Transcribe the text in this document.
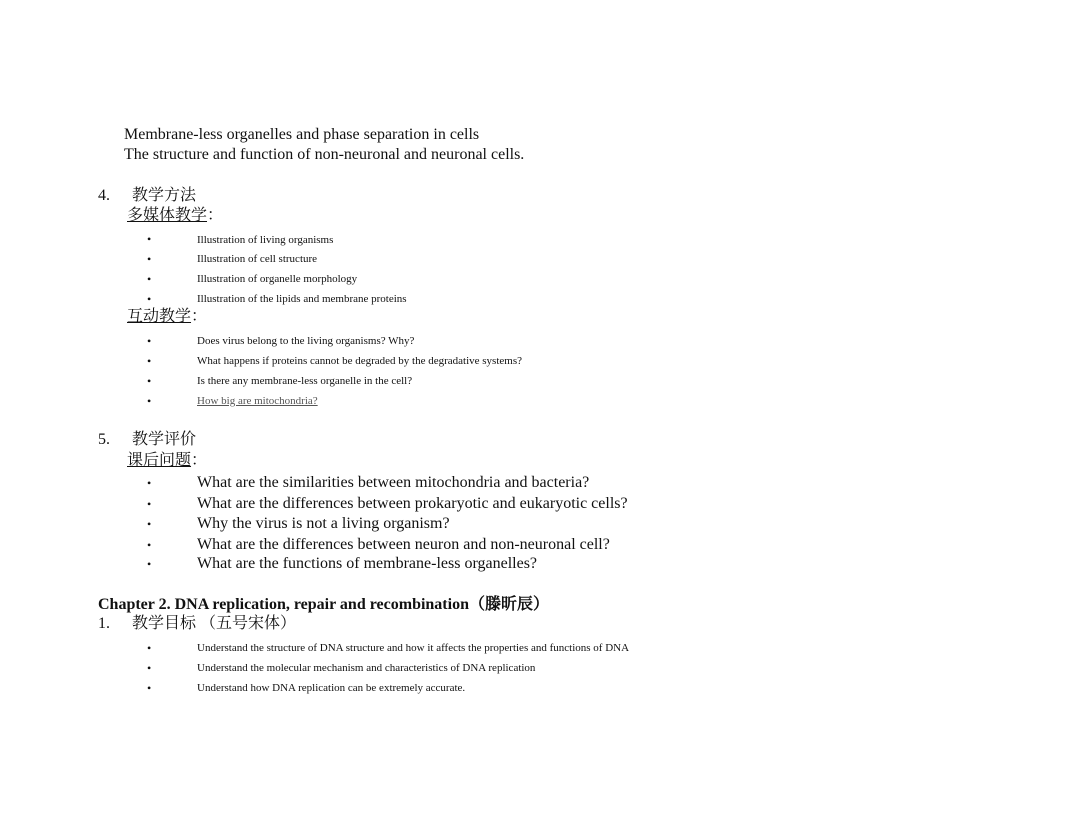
Membrane-less organelles and phase separation in cells
The structure and function of non-neuronal and neuronal cells.
4. 教学方法
多媒体教学：
•	Illustration of living organisms
•	Illustration of cell structure
•	Illustration of organelle morphology
•	Illustration of the lipids and membrane proteins
互动教学：
•	Does virus belong to the living organisms? Why?
•	What happens if proteins cannot be degraded by the degradative systems?
•	Is there any membrane-less organelle in the cell?
•	How big are mitochondria?
5. 教学评价
课后问题：
•	What are the similarities between mitochondria and bacteria?
•	What are the differences between prokaryotic and eukaryotic cells?
•	Why the virus is not a living organism?
•	What are the differences between neuron and non-neuronal cell?
•	What are the functions of membrane-less organelles?
Chapter 2. DNA replication, repair and recombination（滕昕辰）
1. 教学目标 （五号宋体）
•	Understand the structure of DNA structure and how it affects the properties and functions of DNA
•	Understand the molecular mechanism and characteristics of DNA replication
•	Understand how DNA replication can be extremely accurate.
